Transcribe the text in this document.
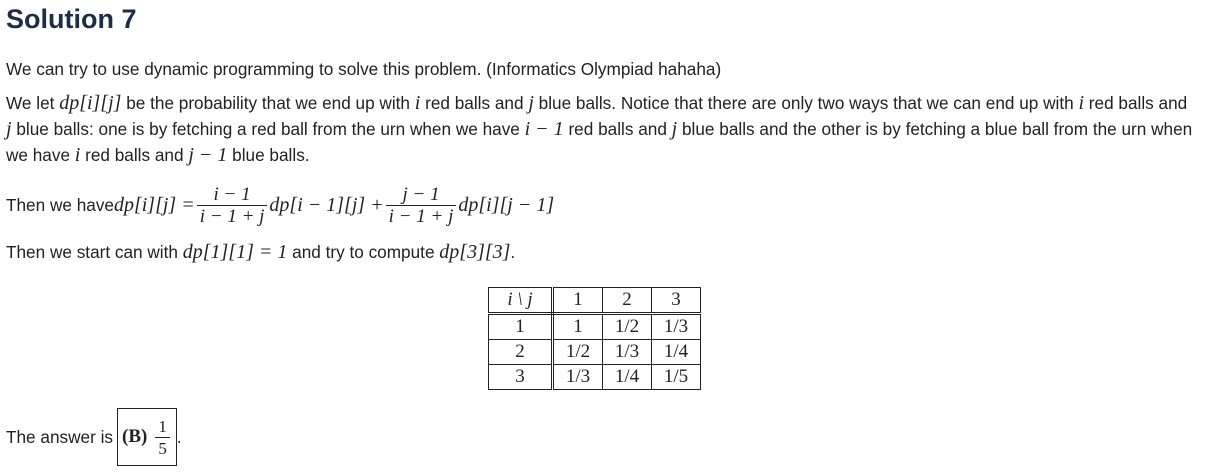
Solution 7

We can try to use dynamic programming to solve this problem. (Informatics Olympiad hahaha)

We let dp[i][j] be the probability that we end up with i red balls and j blue balls. Notice that there are only two ways that we can end up with i red balls and j blue balls: one is by fetching a red ball from the urn when we have i − 1 red balls and j blue balls and the other is by fetching a blue ball from the urn when we have i red balls and j − 1 blue balls.

Then we have $dp[i][j] = \frac{i - 1}{i - 1 + j} dp[i - 1][j] + \frac{j - 1}{i - 1 + j} dp[i][j - 1]$

Then we start can with dp[1][1] = 1 and try to compute dp[3][3].

i \ j	1	2	3
1	1	1/2	1/3
2	1/2	1/3	1/4
3	1/3	1/4	1/5
The answer is $(B) \frac{1}{5}$ .
